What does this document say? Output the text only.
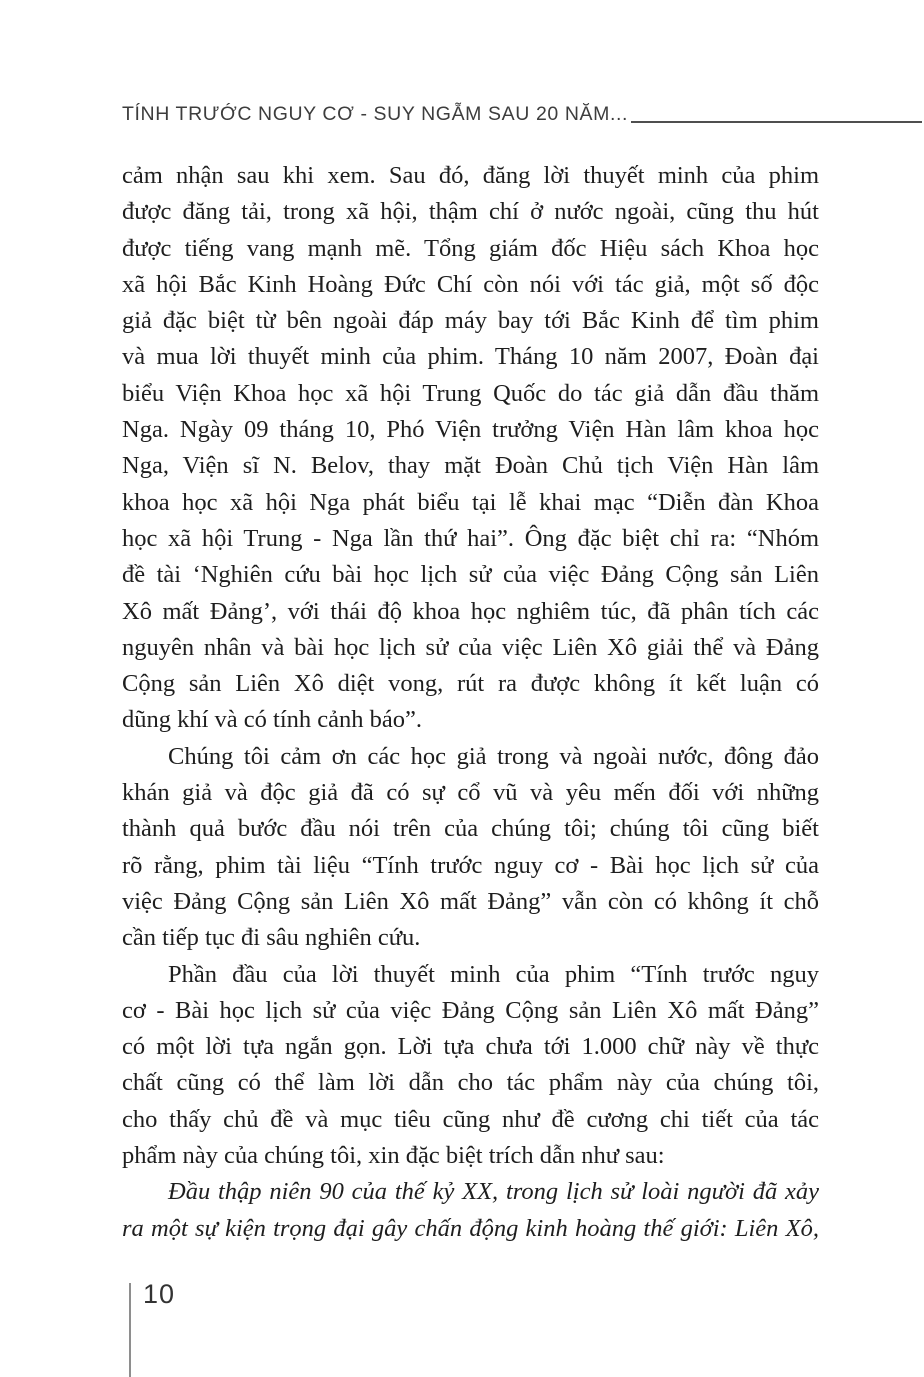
TÍNH TRƯỚC NGUY CƠ - SUY NGẪM SAU 20 NĂM...
cảm nhận sau khi xem. Sau đó, đăng lời thuyết minh của phim
được đăng tải, trong xã hội, thậm chí ở nước ngoài, cũng thu hút
được tiếng vang mạnh mẽ. Tổng giám đốc Hiệu sách Khoa học
xã hội Bắc Kinh Hoàng Đức Chí còn nói với tác giả, một số độc
giả đặc biệt từ bên ngoài đáp máy bay tới Bắc Kinh để tìm phim
và mua lời thuyết minh của phim. Tháng 10 năm 2007, Đoàn đại
biểu Viện Khoa học xã hội Trung Quốc do tác giả dẫn đầu thăm
Nga. Ngày 09 tháng 10, Phó Viện trưởng Viện Hàn lâm khoa học
Nga, Viện sĩ N. Belov, thay mặt Đoàn Chủ tịch Viện Hàn lâm
khoa học xã hội Nga phát biểu tại lễ khai mạc “Diễn đàn Khoa
học xã hội Trung - Nga lần thứ hai”. Ông đặc biệt chỉ ra: “Nhóm
đề tài ‘Nghiên cứu bài học lịch sử của việc Đảng Cộng sản Liên
Xô mất Đảng’, với thái độ khoa học nghiêm túc, đã phân tích các
nguyên nhân và bài học lịch sử của việc Liên Xô giải thể và Đảng
Cộng sản Liên Xô diệt vong, rút ra được không ít kết luận có
dũng khí và có tính cảnh báo”.
Chúng tôi cảm ơn các học giả trong và ngoài nước, đông đảo
khán giả và độc giả đã có sự cổ vũ và yêu mến đối với những
thành quả bước đầu nói trên của chúng tôi; chúng tôi cũng biết
rõ rằng, phim tài liệu “Tính trước nguy cơ - Bài học lịch sử của
việc Đảng Cộng sản Liên Xô mất Đảng” vẫn còn có không ít chỗ
cần tiếp tục đi sâu nghiên cứu.
Phần đầu của lời thuyết minh của phim “Tính trước nguy
cơ - Bài học lịch sử của việc Đảng Cộng sản Liên Xô mất Đảng”
có một lời tựa ngắn gọn. Lời tựa chưa tới 1.000 chữ này về thực
chất cũng có thể làm lời dẫn cho tác phẩm này của chúng tôi,
cho thấy chủ đề và mục tiêu cũng như đề cương chi tiết của tác
phẩm này của chúng tôi, xin đặc biệt trích dẫn như sau:
Đầu thập niên 90 của thế kỷ XX, trong lịch sử loài người đã xảy
ra một sự kiện trọng đại gây chấn động kinh hoàng thế giới: Liên Xô,
10
